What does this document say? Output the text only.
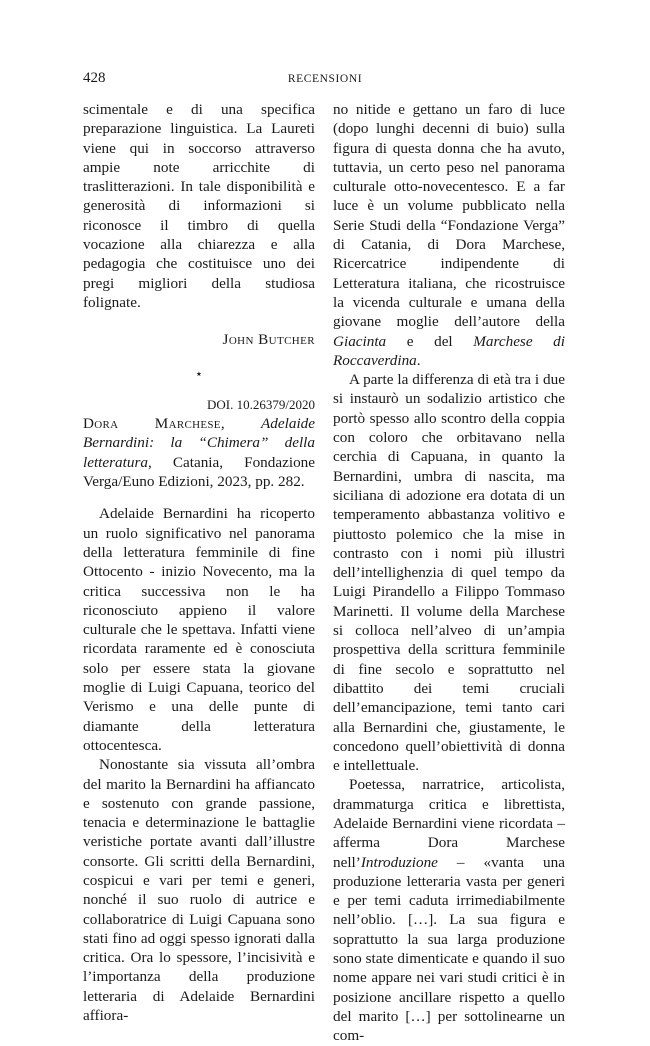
428	RECENSIONI

scimentale e di una specifica preparazione linguistica. La Laureti viene qui in soccorso attraverso ampie note arricchite di traslitterazioni. In tale disponibilità e generosità di informazioni si riconosce il timbro di quella vocazione alla chiarezza e alla pedagogia che costituisce uno dei pregi migliori della studiosa folignate.

John Butcher
⋆
DOI. 10.26379/2020

Dora Marchese, Adelaide Bernardini: la “Chimera” della letteratura, Catania, Fondazione Verga/Euno Edizioni, 2023, pp. 282.

Adelaide Bernardini ha ricoperto un ruolo significativo nel panorama della letteratura femminile di fine Ottocento - inizio Novecento, ma la critica successiva non le ha riconosciuto appieno il valore culturale che le spettava. Infatti viene ricordata raramente ed è conosciuta solo per essere stata la giovane moglie di Luigi Capuana, teorico del Verismo e una delle punte di diamante della letteratura ottocentesca.

Nonostante sia vissuta all’ombra del marito la Bernardini ha affiancato e sostenuto con grande passione, tenacia e determinazione le battaglie veristiche portate avanti dall’illustre consorte. Gli scritti della Bernardini, cospicui e vari per temi e generi, nonché il suo ruolo di autrice e collaboratrice di Luigi Capuana sono stati fino ad oggi spesso ignorati dalla critica. Ora lo spessore, l’incisività e l’importanza della produzione letteraria di Adelaide Bernardini affiora-

no nitide e gettano un faro di luce (dopo lunghi decenni di buio) sulla figura di questa donna che ha avuto, tuttavia, un certo peso nel panorama culturale otto-novecentesco. E a far luce è un volume pubblicato nella Serie Studi della “Fondazione Verga” di Catania, di Dora Marchese, Ricercatrice indipendente di Letteratura italiana, che ricostruisce la vicenda culturale e umana della giovane moglie dell’autore della Giacinta e del Marchese di Roccaverdina.

A parte la differenza di età tra i due si instaurò un sodalizio artistico che portò spesso allo scontro della coppia con coloro che orbitavano nella cerchia di Capuana, in quanto la Bernardini, umbra di nascita, ma siciliana di adozione era dotata di un temperamento abbastanza volitivo e piuttosto polemico che la mise in contrasto con i nomi più illustri dell’intellighenzia di quel tempo da Luigi Pirandello a Filippo Tommaso Marinetti. Il volume della Marchese si colloca nell’alveo di un’ampia prospettiva della scrittura femminile di fine secolo e soprattutto nel dibattito dei temi cruciali dell’emancipazione, temi tanto cari alla Bernardini che, giustamente, le concedono quell’obiettività di donna e intellettuale.

Poetessa, narratrice, articolista, drammaturga critica e librettista, Adelaide Bernardini viene ricordata – afferma Dora Marchese nell’Introduzione – «vanta una produzione letteraria vasta per generi e per temi caduta irrimediabilmente nell’oblio. […]. La sua figura e soprattutto la sua larga produzione sono state dimenticate e quando il suo nome appare nei vari studi critici è in posizione ancillare rispetto a quello del marito […] per sottolinearne un com-
